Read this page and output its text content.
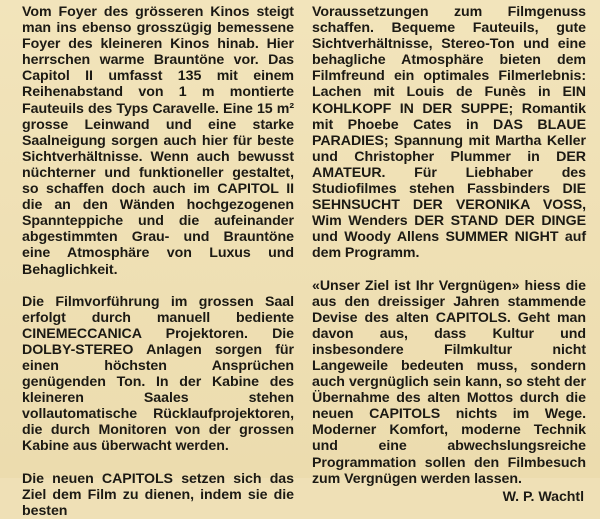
Vom Foyer des grösseren Kinos steigt man ins ebenso grosszügig bemessene Foyer des kleineren Kinos hinab. Hier herrschen warme Brauntöne vor. Das Capitol II umfasst 135 mit einem Reihenabstand von 1 m montierte Fauteuils des Typs Caravelle. Eine 15 m² grosse Leinwand und eine starke Saalneigung sorgen auch hier für beste Sichtverhältnisse. Wenn auch bewusst nüchterner und funktioneller gestaltet, so schaffen doch auch im CAPITOL II die an den Wänden hochgezogenen Spannteppiche und die aufeinander abgestimmten Grau- und Brauntöne eine Atmosphäre von Luxus und Behaglichkeit.

Die Filmvorführung im grossen Saal erfolgt durch manuell bediente CINEMECCANICA Projektoren. Die DOLBY-STEREO Anlagen sorgen für einen höchsten Ansprüchen genügenden Ton. In der Kabine des kleineren Saales stehen vollautomatische Rücklaufprojektoren, die durch Monitoren von der grossen Kabine aus überwacht werden.

Die neuen CAPITOLS setzen sich das Ziel dem Film zu dienen, indem sie die besten

Voraussetzungen zum Filmgenuss schaffen. Bequeme Fauteuils, gute Sichtverhältnisse, Stereo-Ton und eine behagliche Atmosphäre bieten dem Filmfreund ein optimales Filmerlebnis: Lachen mit Louis de Funès in EIN KOHLKOPF IN DER SUPPE; Romantik mit Phoebe Cates in DAS BLAUE PARADIES; Spannung mit Martha Keller und Christopher Plummer in DER AMATEUR. Für Liebhaber des Studiofilmes stehen Fassbinders DIE SEHNSUCHT DER VERONIKA VOSS, Wim Wenders DER STAND DER DINGE und Woody Allens SUMMER NIGHT auf dem Programm.

«Unser Ziel ist Ihr Vergnügen» hiess die aus den dreissiger Jahren stammende Devise des alten CAPITOLS. Geht man davon aus, dass Kultur und insbesondere Filmkultur nicht Langeweile bedeuten muss, sondern auch vergnüglich sein kann, so steht der Übernahme des alten Mottos durch die neuen CAPITOLS nichts im Wege. Moderner Komfort, moderne Technik und eine abwechslungsreiche Programmation sollen den Filmbesuch zum Vergnügen werden lassen.

W. P. Wachtl
